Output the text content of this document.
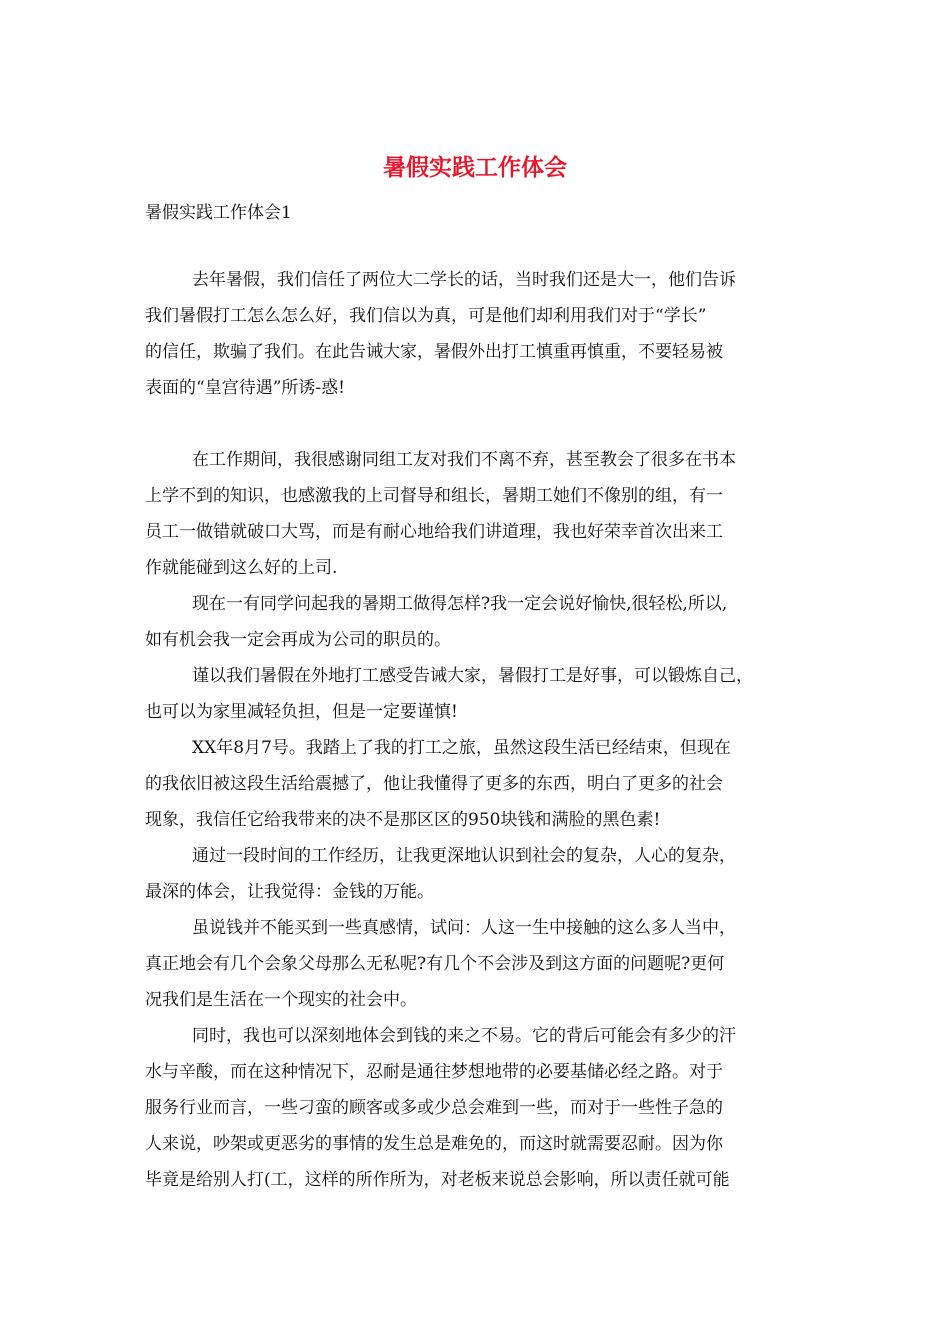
暑假实践工作体会
暑假实践工作体会1
去年暑假，我们信任了两位大二学长的话，当时我们还是大一，他们告诉
我们暑假打工怎么怎么好，我们信以为真，可是他们却利用我们对于“学长”
的信任，欺骗了我们。在此告诫大家，暑假外出打工慎重再慎重，不要轻易被
表面的“皇宫待遇”所诱-惑!
在工作期间，我很感谢同组工友对我们不离不弃，甚至教会了很多在书本
上学不到的知识，也感激我的上司督导和组长，暑期工她们不像别的组，有一
员工一做错就破口大骂，而是有耐心地给我们讲道理，我也好荣幸首次出来工
作就能碰到这么好的上司.
现在一有同学问起我的暑期工做得怎样?我一定会说好愉快,很轻松,所以,
如有机会我一定会再成为公司的职员的。
谨以我们暑假在外地打工感受告诫大家，暑假打工是好事，可以锻炼自己，
也可以为家里减轻负担，但是一定要谨慎!
XX年8月7号。我踏上了我的打工之旅，虽然这段生活已经结束，但现在
的我依旧被这段生活给震撼了，他让我懂得了更多的东西，明白了更多的社会
现象，我信任它给我带来的决不是那区区的950块钱和满脸的黑色素!
通过一段时间的工作经历，让我更深地认识到社会的复杂，人心的复杂，
最深的体会，让我觉得：金钱的万能。
虽说钱并不能买到一些真感情，试问：人这一生中接触的这么多人当中，
真正地会有几个会象父母那么无私呢?有几个不会涉及到这方面的问题呢?更何
况我们是生活在一个现实的社会中。
同时，我也可以深刻地体会到钱的来之不易。它的背后可能会有多少的汗
水与辛酸，而在这种情况下，忍耐是通往梦想地带的必要基储必经之路。对于
服务行业而言，一些刁蛮的顾客或多或少总会难到一些，而对于一些性子急的
人来说，吵架或更恶劣的事情的发生总是难免的，而这时就需要忍耐。因为你
毕竟是给别人打(工，这样的所作所为，对老板来说总会影响，所以责任就可能
